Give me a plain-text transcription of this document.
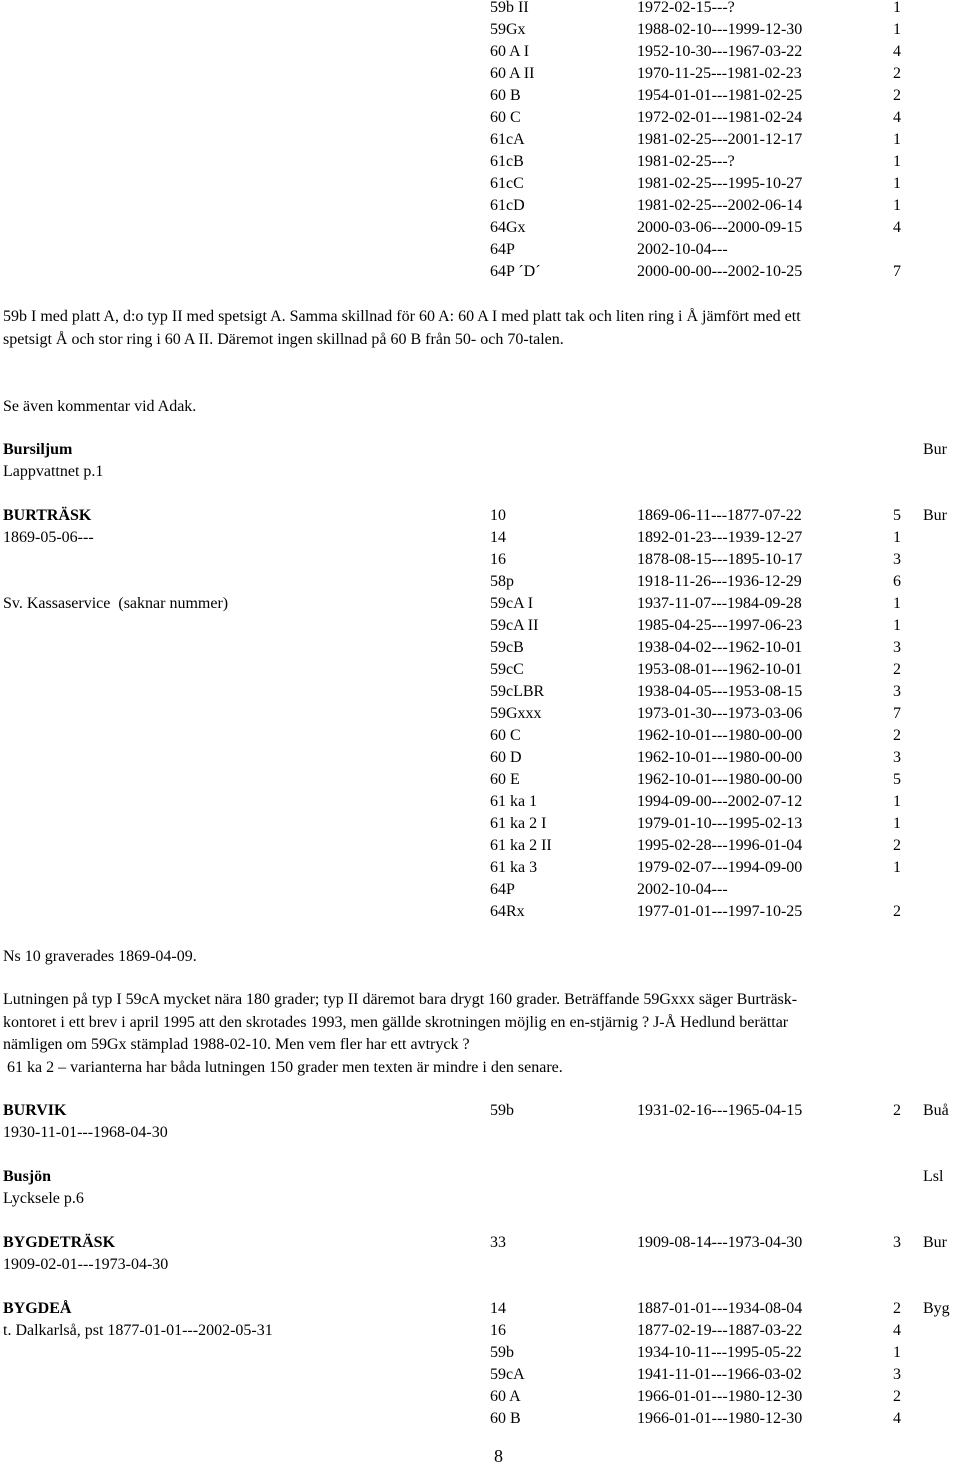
59b II	1972-02-15---?	1
59Gx	1988-02-10---1999-12-30	1
60 A I	1952-10-30---1967-03-22	4
60 A II	1970-11-25---1981-02-23	2
60 B	1954-01-01---1981-02-25	2
60 C	1972-02-01---1981-02-24	4
61cA	1981-02-25---2001-12-17	1
61cB	1981-02-25---?	1
61cC	1981-02-25---1995-10-27	1
61cD	1981-02-25---2002-06-14	1
64Gx	2000-03-06---2000-09-15	4
64P	2002-10-04---
64P ´D´	2000-00-00---2002-10-25	7

59b I med platt A, d:o typ II med spetsigt A. Samma skillnad för 60 A: 60 A I med platt tak och liten ring i Å jämfört med ett spetsigt Å och stor ring i 60 A II. Däremot ingen skillnad på 60 B från 50- och 70-talen.

Se även kommentar vid Adak.

Bursiljum	Bur
Lappvattnet p.1
BURTRÄSK	10	1869-06-11---1877-07-22	5 Bur
1869-05-06---	14	1892-01-23---1939-12-27	1
16	1878-08-15---1895-10-17	3
58p	1918-11-26---1936-12-29	6
Sv. Kassaservice  (saknar nummer)	59cA I	1937-11-07---1984-09-28	1
59cA II	1985-04-25---1997-06-23	1
59cB	1938-04-02---1962-10-01	3
59cC	1953-08-01---1962-10-01	2
59cLBR	1938-04-05---1953-08-15	3
59Gxxx	1973-01-30---1973-03-06	7
60 C	1962-10-01---1980-00-00	2
60 D	1962-10-01---1980-00-00	3
60 E	1962-10-01---1980-00-00	5
61 ka 1	1994-09-00---2002-07-12	1
61 ka 2 I	1979-01-10---1995-02-13	1
61 ka 2 II	1995-02-28---1996-01-04	2
61 ka 3	1979-02-07---1994-09-00	1
64P	2002-10-04---
64Rx	1977-01-01---1997-10-25	2
Ns 10 graverades 1869-04-09.

Lutningen på typ I 59cA mycket nära 180 grader; typ II däremot bara drygt 160 grader. Beträffande 59Gxxx säger Burträsk-kontoret i ett brev i april 1995 att den skrotades 1993, men gällde skrotningen möjlig en en-stjärnig ? J-Å Hedlund berättar nämligen om 59Gx stämplad 1988-02-10. Men vem fler har ett avtryck ?
61 ka 2 – varianterna har båda lutningen 150 grader men texten är mindre i den senare.

BURVIK	59b	1931-02-16---1965-04-15	2 Buå
1930-11-01---1968-04-30
Busjön	Lsl
Lycksele p.6
BYGDETRÄSK	33	1909-08-14---1973-04-30	3 Bur
1909-02-01---1973-04-30
BYGDEÅ	14	1887-01-01---1934-08-04	2 Byg
t. Dalkarlså, pst 1877-01-01---2002-05-31	16	1877-02-19---1887-03-22	4
59b	1934-10-11---1995-05-22	1
59cA	1941-11-01---1966-03-02	3
60 A	1966-01-01---1980-12-30	2
60 B	1966-01-01---1980-12-30	4
8
